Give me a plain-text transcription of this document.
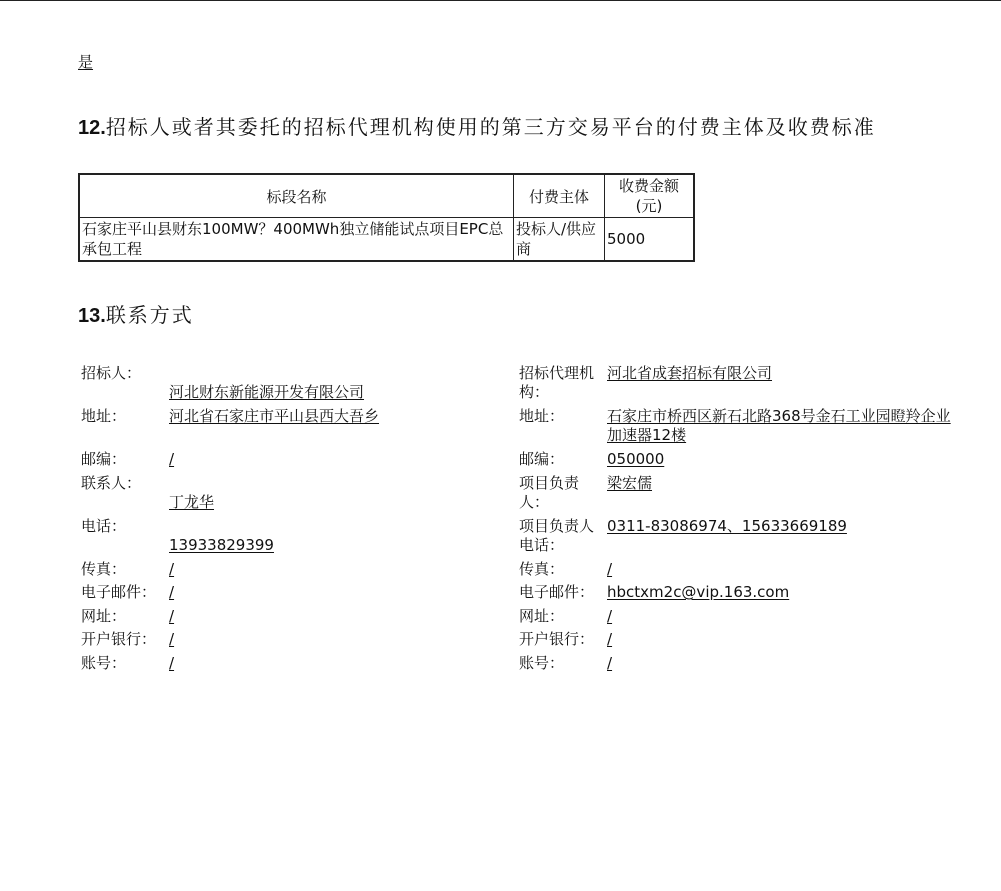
是
12.招标人或者其委托的招标代理机构使用的第三方交易平台的付费主体及收费标准
标段名称	付费主体	收费金额(元)
石家庄平山县财东100MW？400MWh独立储能试点项目EPC总承包工程	投标人/供应商	5000
13.联系方式
招标人：
河北财东新能源开发有限公司
地址：	河北省石家庄市平山县西大吾乡
邮编：	/
联系人：
丁龙华
电话：
13933829399
传真：	/
电子邮件： /
网址：	/
开户银行： /
账号：	/
招标代理机构：
河北省成套招标有限公司
地址：	石家庄市桥西区新石北路368号金石工业园瞪羚企业加速器12楼
邮编：	050000
项目负责人：
梁宏儒
项目负责人电话：
0311-83086974、15633669189
传真：	/
电子邮件： hbctxm2c@vip.163.com
网址：	/
开户银行： /
账号：	/
